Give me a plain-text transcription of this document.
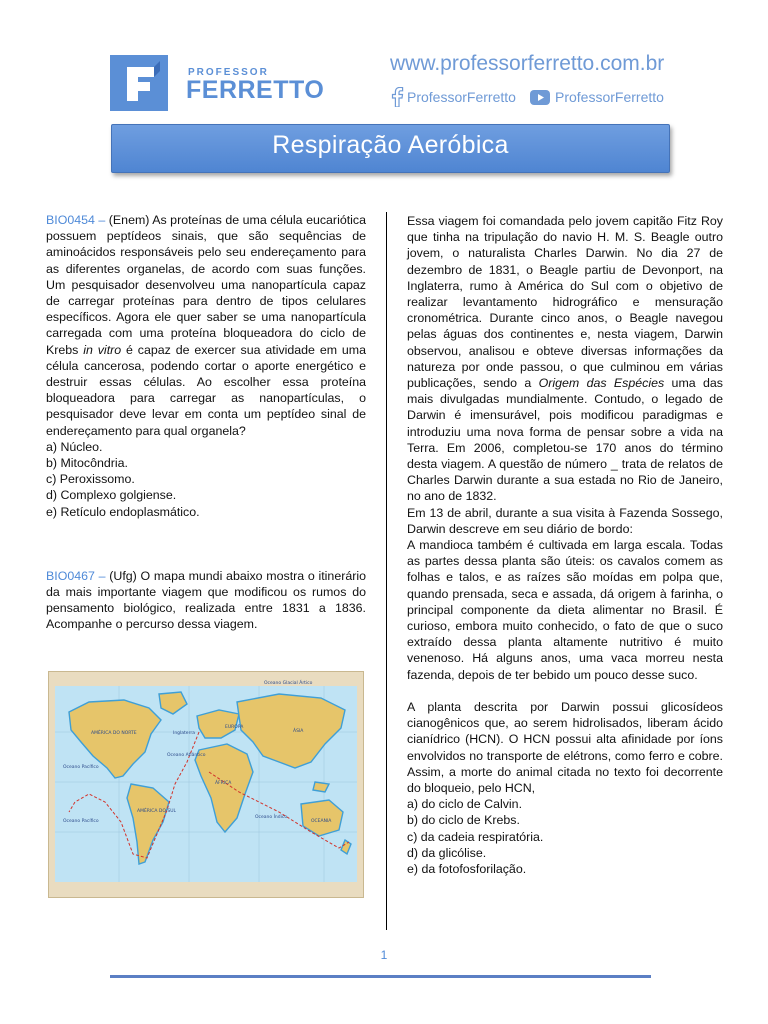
PROFESSOR
FERRETTO
www.professorferretto.com.br
ProfessorFerretto	ProfessorFerretto
Respiração Aeróbica

BIO0454 – (Enem) As proteínas de uma célula eucariótica possuem peptídeos sinais, que são sequências de aminoácidos responsáveis pelo seu endereçamento para as diferentes organelas, de acordo com suas funções. Um pesquisador desenvolveu uma nanopartícula capaz de carregar proteínas para dentro de tipos celulares específicos. Agora ele quer saber se uma nanopartícula carregada com uma proteína bloqueadora do ciclo de Krebs in vitro é capaz de exercer sua atividade em uma célula cancerosa, podendo cortar o aporte energético e destruir essas células. Ao escolher essa proteína bloqueadora para carregar as nanopartículas, o pesquisador deve levar em conta um peptídeo sinal de endereçamento para qual organela?

a) Núcleo.
b) Mitocôndria.
c) Peroxissomo.
d) Complexo golgiense.
e) Retículo endoplasmático.

BIO0467 – (Ufg) O mapa mundi abaixo mostra o itinerário da mais importante viagem que modificou os rumos do pensamento biológico, realizada entre 1831 a 1836. Acompanhe o percurso dessa viagem.

Oceano Glacial Ártico
AMÉRICA DO NORTE
Oceano Atlântico
Oceano Pacífico
Oceano Pacífico
EUROPA
ÁSIA
ÁFRICA
AMÉRICA DO SUL
Oceano Índico
OCEANIA
Inglaterra

Essa viagem foi comandada pelo jovem capitão Fitz Roy que tinha na tripulação do navio H. M. S. Beagle outro jovem, o naturalista Charles Darwin. No dia 27 de dezembro de 1831, o Beagle partiu de Devonport, na Inglaterra, rumo à América do Sul com o objetivo de realizar levantamento hidrográfico e mensuração cronométrica. Durante cinco anos, o Beagle navegou pelas águas dos continentes e, nesta viagem, Darwin observou, analisou e obteve diversas informações da natureza por onde passou, o que culminou em várias publicações, sendo a Origem das Espécies uma das mais divulgadas mundialmente. Contudo, o legado de Darwin é imensurável, pois modificou paradigmas e introduziu uma nova forma de pensar sobre a vida na Terra. Em 2006, completou-se 170 anos do término desta viagem. A questão de número _ trata de relatos de Charles Darwin durante a sua estada no Rio de Janeiro, no ano de 1832.

Em 13 de abril, durante a sua visita à Fazenda Sossego, Darwin descreve em seu diário de bordo:

A mandioca também é cultivada em larga escala. Todas as partes dessa planta são úteis: os cavalos comem as folhas e talos, e as raízes são moídas em polpa que, quando prensada, seca e assada, dá origem à farinha, o principal componente da dieta alimentar no Brasil. É curioso, embora muito conhecido, o fato de que o suco extraído dessa planta altamente nutritivo é muito venenoso. Há alguns anos, uma vaca morreu nesta fazenda, depois de ter bebido um pouco desse suco.

A planta descrita por Darwin possui glicosídeos cianogênicos que, ao serem hidrolisados, liberam ácido cianídrico (HCN). O HCN possui alta afinidade por íons envolvidos no transporte de elétrons, como ferro e cobre. Assim, a morte do animal citada no texto foi decorrente do bloqueio, pelo HCN,

a) do ciclo de Calvin.
b) do ciclo de Krebs.
c) da cadeia respiratória.
d) da glicólise.
e) da fotofosforilação.
1
